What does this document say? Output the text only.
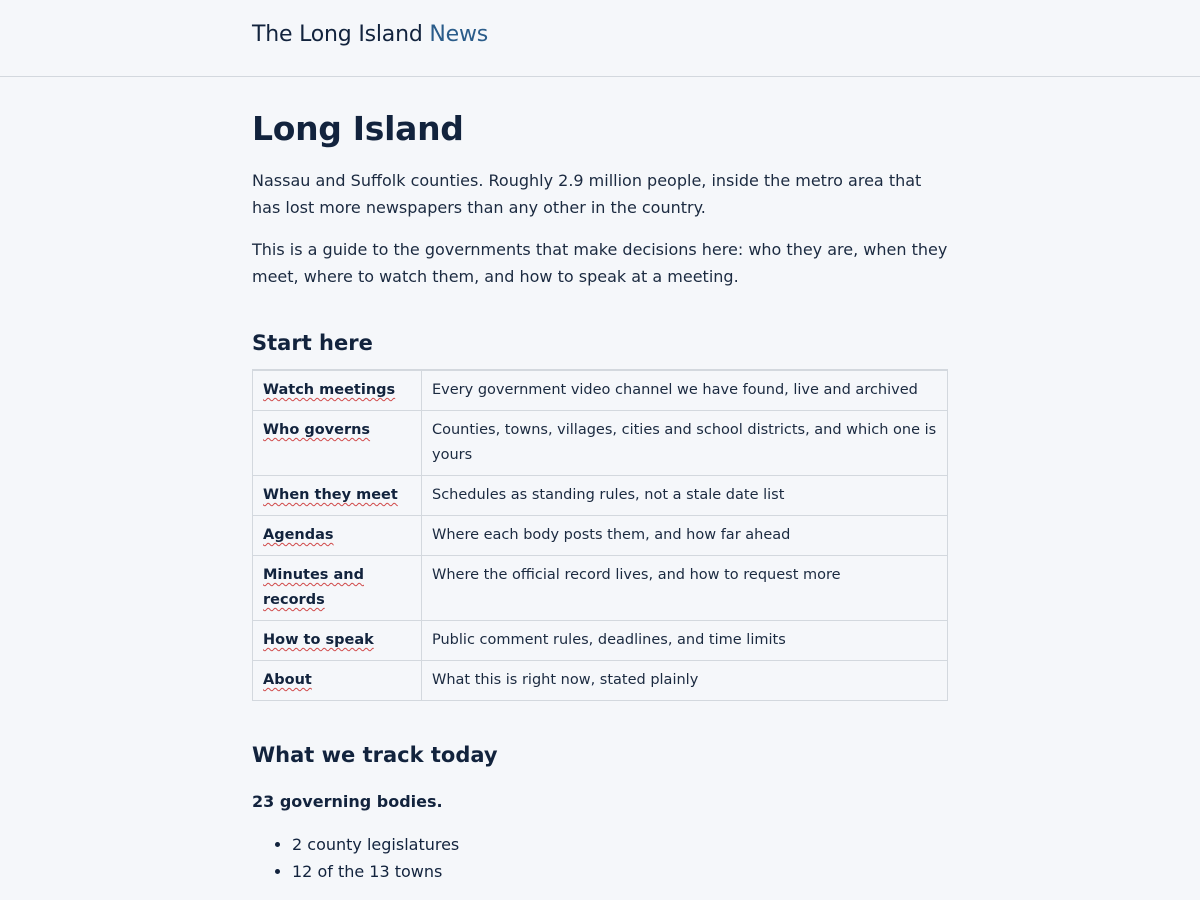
The Long Island News
Long Island

Nassau and Suffolk counties. Roughly 2.9 million people, inside the metro area that has lost more newspapers than any other in the country.

This is a guide to the governments that make decisions here: who they are, when they meet, where to watch them, and how to speak at a meeting.

Start here

Watch meetings	Every government video channel we have found, live and archived
Who governs	Counties, towns, villages, cities and school districts, and which one is yours
When they meet	Schedules as standing rules, not a stale date list
Agendas	Where each body posts them, and how far ahead
Minutes and records	Where the official record lives, and how to request more
How to speak	Public comment rules, deadlines, and time limits
About	What this is right now, stated plainly
What we track today
23 governing bodies.
• 2 county legislatures
• 12 of the 13 towns
